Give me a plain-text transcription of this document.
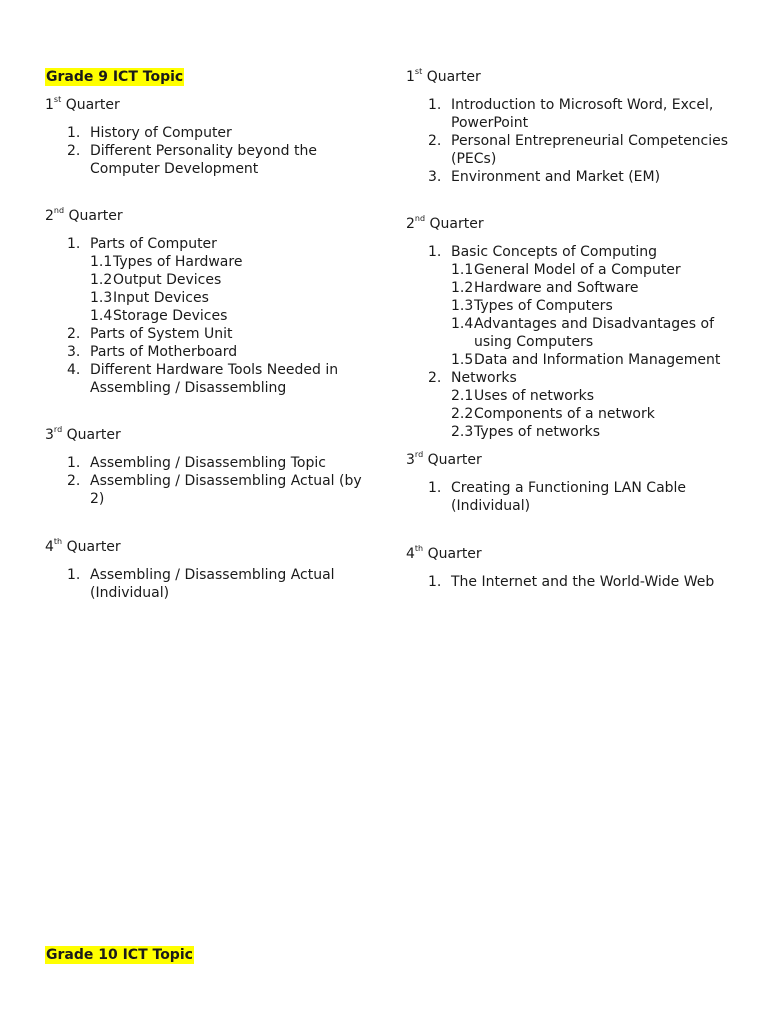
Grade 9 ICT Topic
1st Quarter
1. History of Computer
2. Different Personality beyond the Computer Development
2nd Quarter
1. Parts of Computer
1.1 Types of Hardware
1.2 Output Devices
1.3 Input Devices
1.4 Storage Devices
2. Parts of System Unit
3. Parts of Motherboard
4. Different Hardware Tools Needed in Assembling / Disassembling
3rd Quarter
1. Assembling / Disassembling Topic
2. Assembling / Disassembling Actual (by 2)
4th Quarter
1. Assembling / Disassembling Actual (Individual)
1st Quarter
1. Introduction to Microsoft Word, Excel, PowerPoint
2. Personal Entrepreneurial Competencies (PECs)
3. Environment and Market (EM)
2nd Quarter
1. Basic Concepts of Computing
1.1 General Model of a Computer
1.2 Hardware and Software
1.3 Types of Computers
1.4 Advantages and Disadvantages of using Computers
1.5 Data and Information Management
2. Networks
2.1 Uses of networks
2.2 Components of a network
2.3 Types of networks
3rd Quarter
1. Creating a Functioning LAN Cable (Individual)
4th Quarter
1. The Internet and the World-Wide Web
Grade 10 ICT Topic
